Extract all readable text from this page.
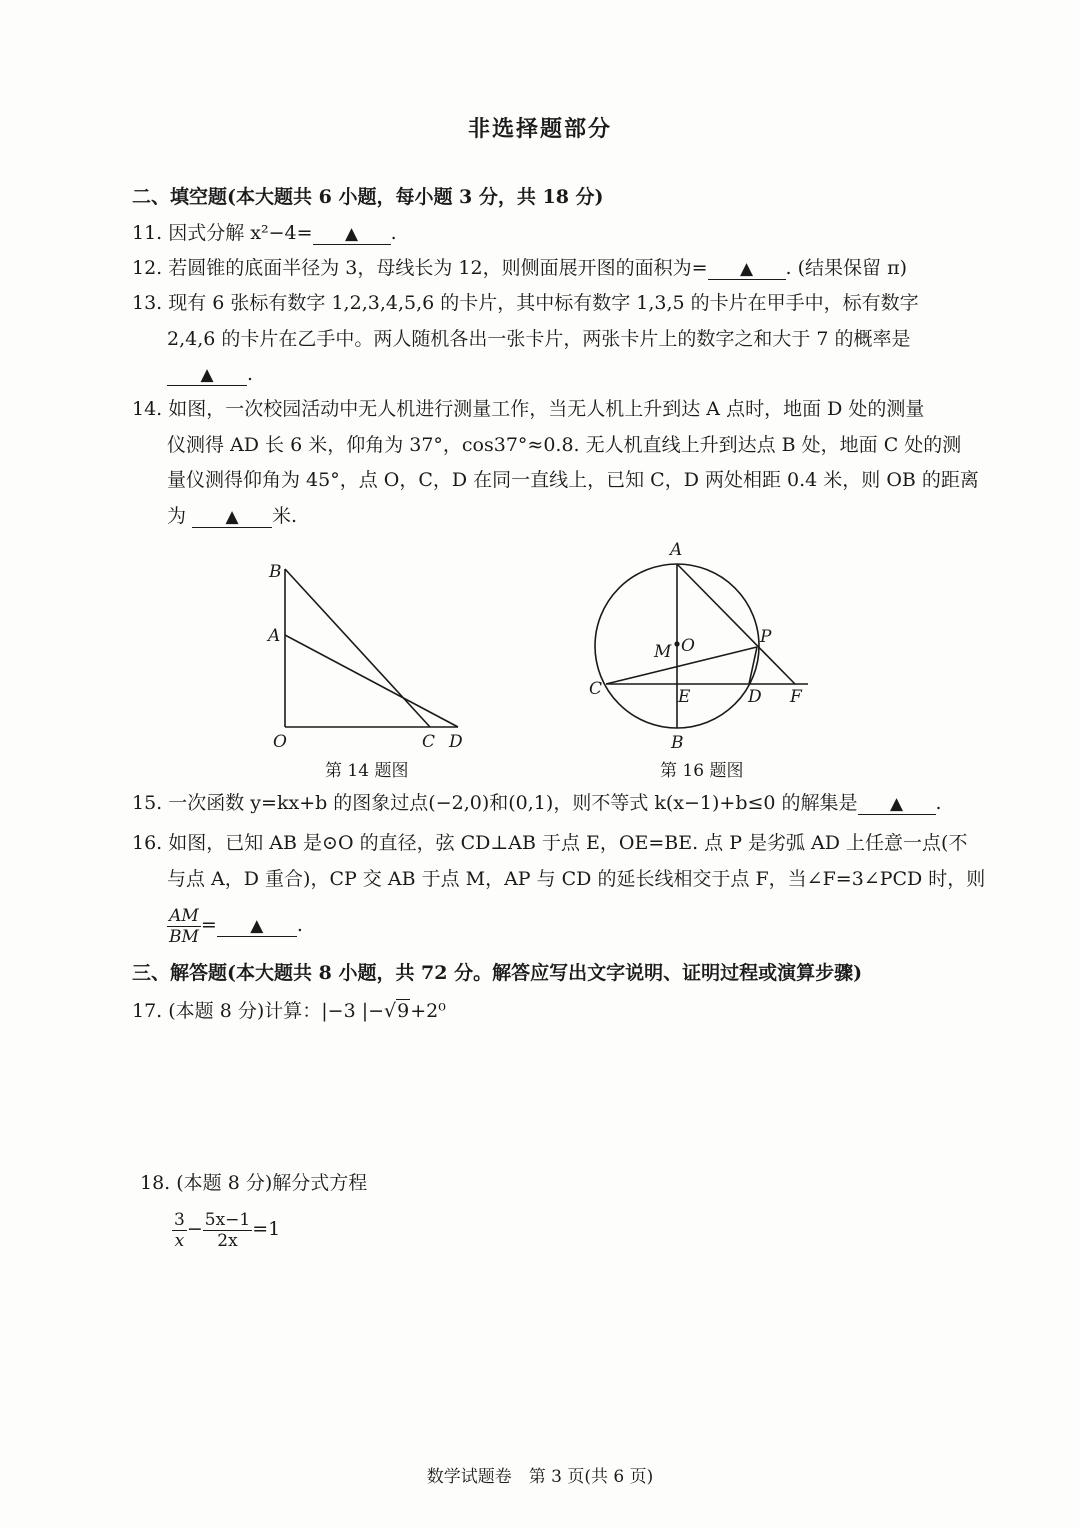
非选择题部分
二、填空题(本大题共 6 小题，每小题 3 分，共 18 分)
11. 因式分解 x²−4= ▲ .
12. 若圆锥的底面半径为 3，母线长为 12，则侧面展开图的面积为= ▲ . (结果保留 π)
13. 现有 6 张标有数字 1,2,3,4,5,6 的卡片，其中标有数字 1,3,5 的卡片在甲手中，标有数字
2,4,6 的卡片在乙手中。两人随机各出一张卡片，两张卡片上的数字之和大于 7 的概率是
▲ .
14. 如图，一次校园活动中无人机进行测量工作，当无人机上升到达 A 点时，地面 D 处的测量
仪测得 AD 长 6 米，仰角为 37°，cos37°≈0.8. 无人机直线上升到达点 B 处，地面 C 处的测
量仪测得仰角为 45°，点 O，C，D 在同一直线上，已知 C，D 两处相距 0.4 米，则 OB 的距离
为 ▲ 米.
B
A
O	C D
第 14 题图
A
P
M O
C	E	D F
B
第 16 题图
15. 一次函数 y=kx+b 的图象过点(−2,0)和(0,1)，则不等式 k(x−1)+b≤0 的解集是 ▲ .
16. 如图，已知 AB 是⊙O 的直径，弦 CD⊥AB 于点 E，OE=BE. 点 P 是劣弧 AD 上任意一点(不
与点 A，D 重合)，CP 交 AB 于点 M，AP 与 CD 的延长线相交于点 F，当∠F=3∠PCD 时，则
$\frac{AM}{BM}$ = ▲ .
三、解答题(本大题共 8 小题，共 72 分。解答应写出文字说明、证明过程或演算步骤)
17. (本题 8 分)计算：|−3 |−√9+2⁰
18. (本题 8 分)解分式方程
$\frac{3}{x} - \frac{5x-1}{2x} =1$
数学试题卷　第 3 页(共 6 页)
